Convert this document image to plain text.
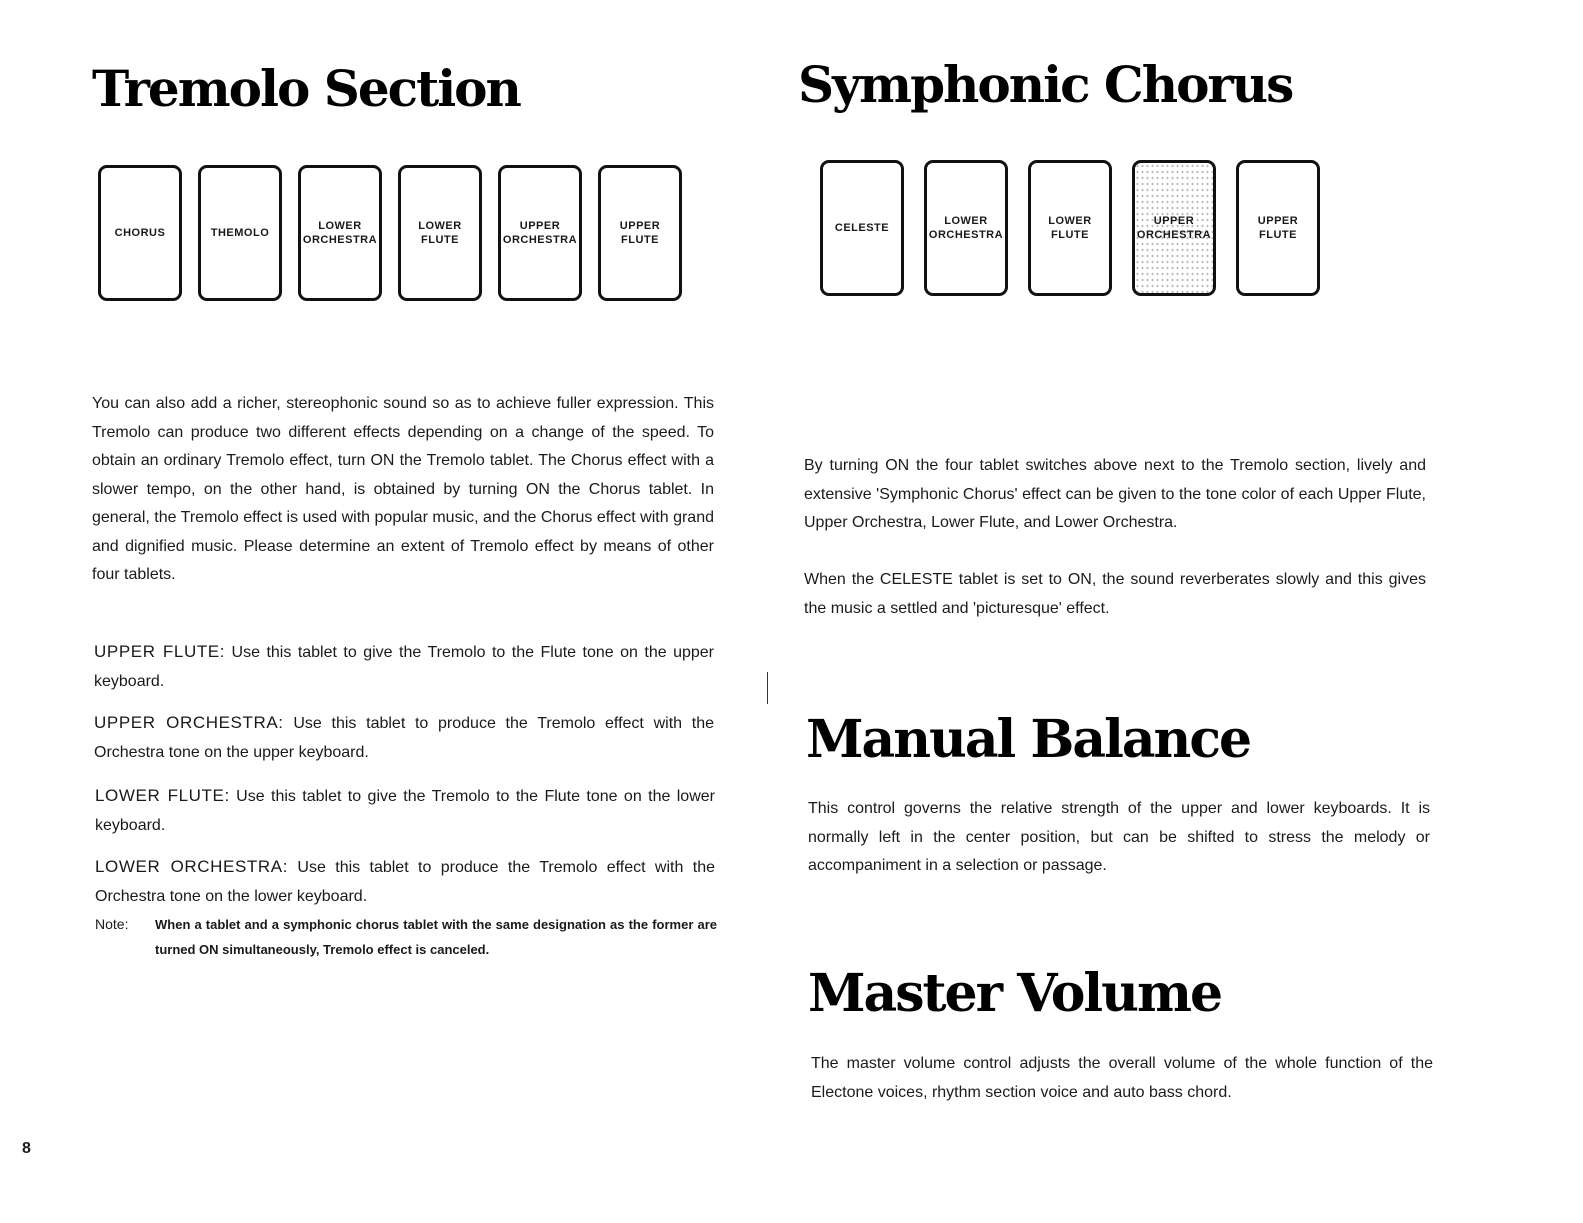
Tremolo Section
CHORUS	THEMOLO
LOWER
ORCHESTRA
LOWER
FLUTE
UPPER
ORCHESTRA
UPPER
FLUTE

You can also add a richer, stereophonic sound so as to achieve fuller expression. This Tremolo can produce two different effects depending on a change of the speed. To obtain an ordinary Tremolo effect, turn ON the Tremolo tablet. The Chorus effect with a slower tempo, on the other hand, is obtained by turning ON the Chorus tablet. In general, the Tremolo effect is used with popular music, and the Chorus effect with grand and dignified music. Please determine an extent of Tremolo effect by means of other four tablets.

UPPER FLUTE: Use this tablet to give the Tremolo to the Flute tone on the upper keyboard.

UPPER ORCHESTRA: Use this tablet to produce the Tremolo effect with the Orchestra tone on the upper keyboard.

LOWER FLUTE: Use this tablet to give the Tremolo to the Flute tone on the lower keyboard.

LOWER ORCHESTRA: Use this tablet to produce the Tremolo effect with the Orchestra tone on the lower keyboard.

Note:	When a tablet and a symphonic chorus tablet with the same designation as the former are turned ON simultaneously, Tremolo effect is canceled.
8
Symphonic Chorus
CELESTE
LOWER
ORCHESTRA
LOWER
FLUTE
UPPER
ORCHESTRA
UPPER
FLUTE

By turning ON the four tablet switches above next to the Tremolo section, lively and extensive 'Symphonic Chorus' effect can be given to the tone color of each Upper Flute, Upper Orchestra, Lower Flute, and Lower Orchestra.

When the CELESTE tablet is set to ON, the sound reverberates slowly and this gives the music a settled and 'picturesque' effect.

Manual Balance

This control governs the relative strength of the upper and lower keyboards. It is normally left in the center position, but can be shifted to stress the melody or accompaniment in a selection or passage.

Master Volume

The master volume control adjusts the overall volume of the whole function of the Electone voices, rhythm section voice and auto bass chord.
